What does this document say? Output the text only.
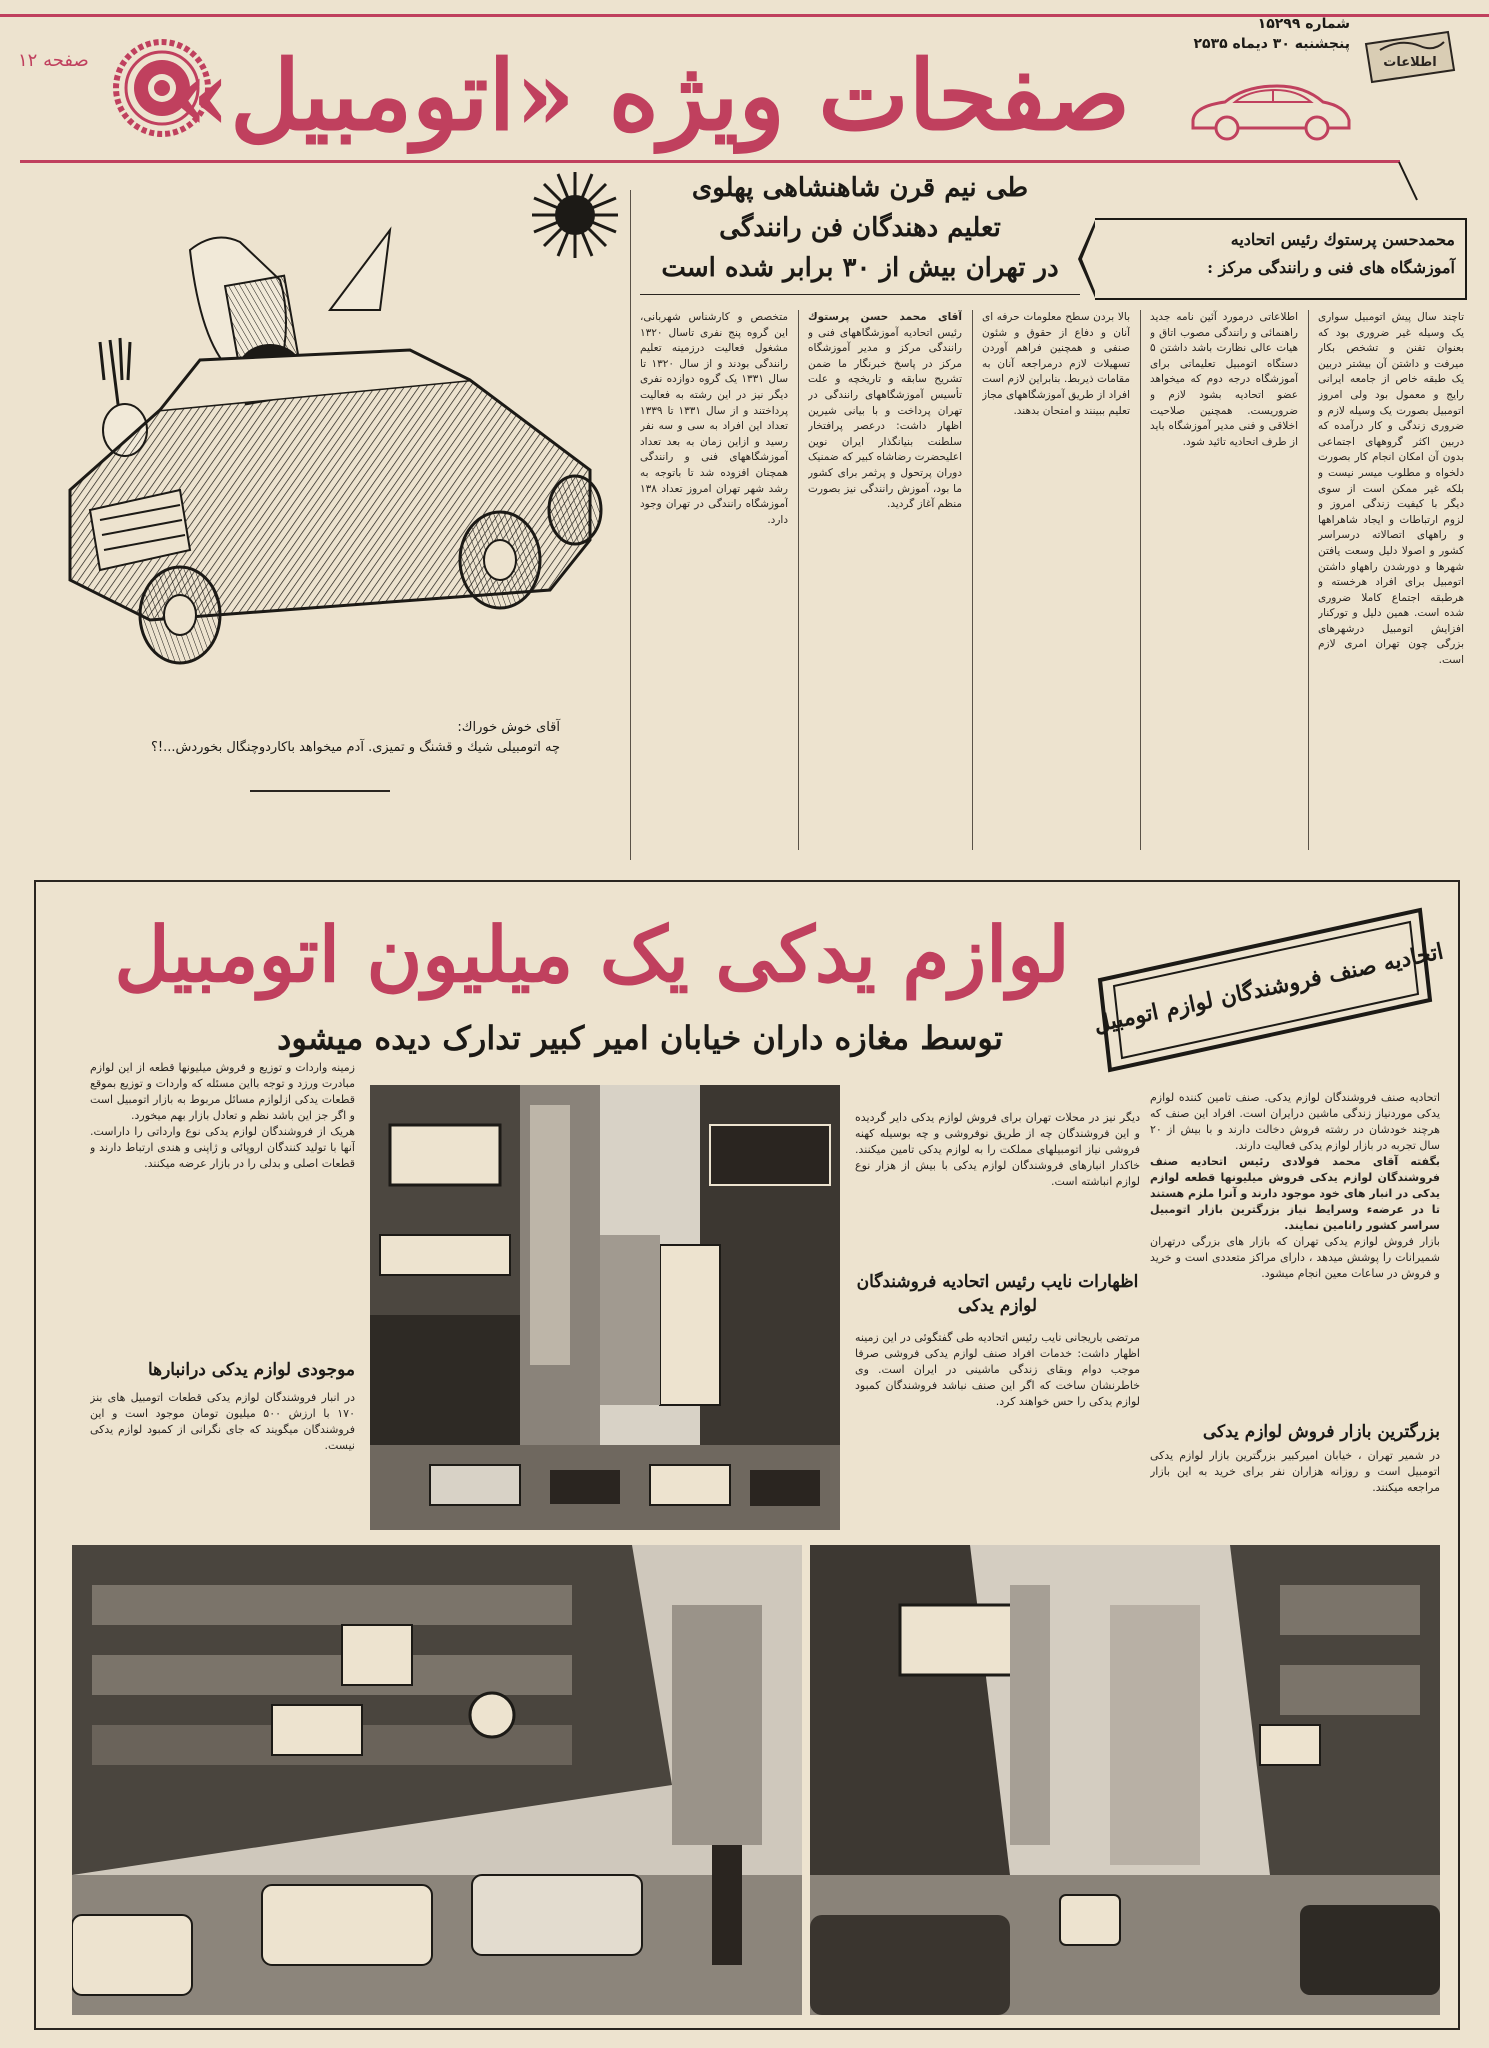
صفحه ۱۲ صفحات ویژه «اتومبیل»
شماره ۱۵۲۹۹
پنجشنبه ۳۰ دیماه ۲۵۳۵
اطلاعات
طی نیم قرن شاهنشاهی پهلوی
تعلیم دهندگان فن رانندگی
در تهران بیش از ۳۰ برابر شده است
آقای خوش خوراك:
چه اتومبیلی شیك و قشنگ و تمیزی. آدم میخواهد باکاردوچنگال بخوردش...!؟
محمدحسن پرستوك رئیس اتحادیه
آموزشگاه های فنی و رانندگی مرکز :
تاچند سال پیش اتومبیل سواری یک وسیله غیر ضروری بود که بعنوان تفنن و تشخص بکار میرفت و داشتن آن بیشتر دربین یک طبقه خاص از جامعه ایرانی رایج و معمول بود ولی امروز اتومبیل بصورت یک وسیله لازم و ضروری زندگی و کار درآمده که دربین اکثر گروههای اجتماعی بدون آن امکان انجام کار بصورت دلخواه و مطلوب میسر نیست و بلکه غیر ممکن است از سوی دیگر با کیفیت زندگی امروز و لزوم ارتباطات و ایجاد شاهراهها و راههای اتصالاته درسراسر کشور و اصولا دلیل وسعت یافتن شهرها و دورشدن راههاو داشتن اتومبیل برای افراد هرخسته و هرطبقه اجتماع کاملا ضروری شده است. همین دلیل و تورکنار افزایش اتومبیل درشهرهای بزرگی چون تهران امری لازم است.
اطلاعاتی درمورد آئین نامه جدید راهنمائی و رانندگی مصوب اتاق و هیات عالی نظارت باشد داشتن ۵ دستگاه اتومبیل تعلیماتی برای آموزشگاه درجه دوم که میخواهد عضو اتحادیه بشود لازم و ضروریست. همچنین صلاحیت اخلاقی و فنی مدیر آموزشگاه باید از طرف اتحادیه تائید شود.
بالا بردن سطح معلومات حرفه ای آنان و دفاع از حقوق و شئون صنفی و همچنین فراهم آوردن تسهیلات لازم درمراجعه آنان به مقامات ذیربط. بنابراین لازم است افراد از طریق آموزشگاههای مجاز تعلیم ببینند و امتحان بدهند.
آقای محمد حسن پرستوك رئیس اتحادیه آموزشگاههای فنی و رانندگی مرکز و مدیر آموزشگاه مرکز در پاسخ خبرنگار ما ضمن تشریح سابقه و تاریخچه و علت تأسیس آموزشگاههای رانندگی در تهران پرداخت و با بیانی شیرین اظهار داشت: درعصر پرافتخار سلطنت بنیانگذار ایران نوین اعلیحضرت رضاشاه کبیر که ضمنیک دوران پرتحول و پرثمر برای کشور ما بود، آموزش رانندگی نیز بصورت منظم آغاز گردید.
متخصص و کارشناس شهربانی، این گروه پنج نفری تاسال ۱۳۲۰ مشغول فعالیت درزمینه تعلیم رانندگی بودند و از سال ۱۳۲۰ تا سال ۱۳۳۱ یک گروه دوازده نفری دیگر نیز در این رشته به فعالیت پرداختند و از سال ۱۳۳۱ تا ۱۳۳۹ تعداد این افراد به سی و سه نفر رسید و ازاین زمان به بعد تعداد آموزشگاههای فنی و رانندگی همچنان افزوده شد تا باتوجه به رشد شهر تهران امروز تعداد ۱۳۸ آموزشگاه رانندگی در تهران وجود دارد.
لوازم یدکی یک میلیون اتومبیل
توسط مغازه داران خیابان امیر کبیر تدارک دیده میشود
اتحادیه صنف فروشندگان لوازم اتومبیل
اتحادیه صنف فروشندگان لوازم یدکی. صنف تامین کننده لوازم یدکی موردنیاز زندگی ماشین درایران است. افراد این صنف که هرچند خودشان در رشته فروش دخالت دارند و با بیش از ۲۰ سال تجربه در بازار لوازم یدکی فعالیت دارند.
بگفته آقای محمد فولادی رئیس اتحادیه صنف فروشندگان لوازم یدکی فروش میلیونها قطعه لوازم یدکی در انبار های خود موجود دارند و آنرا ملزم هستند تا در عرضهء وسرایط نیاز بزرگترین بازار اتومبیل سراسر کشور رانامین نمایند.
بازار فروش لوازم یدکی تهران که بازار های بزرگی درتهران شمیرانات را پوشش میدهد ، دارای مراکز متعددی است و خرید و فروش در ساعات معین انجام میشود.
بزرگترین بازار فروش لوازم یدکی
در شمیر تهران ، خیابان امیرکبیر بزرگترین بازار لوازم یدکی اتومبیل است و روزانه هزاران نفر برای خرید به این بازار مراجعه میکنند.
دیگر نیز در محلات تهران برای فروش لوازم یدکی دایر گردیده و این فروشندگان چه از طریق نوفروشی و چه بوسیله کهنه فروشی نیاز اتومبیلهای مملکت را به لوازم یدکی تامین میکنند. خاکدار انبارهای فروشندگان لوازم یدکی با بیش از هزار نوع لوازم انباشته است.
اظهارات نایب رئیس اتحادیه فروشندگان لوازم یدکی
مرتضی باریجانی نایب رئیس اتحادیه طی گفتگوئی در این زمینه اظهار داشت: خدمات افراد صنف لوازم یدکی فروشی صرفا موجب دوام وبقای زندگی ماشینی در ایران است. وی خاطرنشان ساخت که اگر این صنف نباشد فروشندگان کمبود لوازم یدکی را حس خواهند کرد.
زمینه واردات و توزیع و فروش میلیونها قطعه از این لوازم مبادرت ورزد و توجه بااین مسئله که واردات و توزیع بموقع قطعات یدکی ازلوازم مسائل مربوط به بازار اتومبیل است و اگر جز این باشد نظم و تعادل بازار بهم میخورد.
هریک از فروشندگان لوازم یدکی نوع وارداتی را داراست. آنها با تولید کنندگان اروپائی و ژاپنی و هندی ارتباط دارند و قطعات اصلی و بدلی را در بازار عرضه میکنند.
موجودی لوازم یدکی درانبارها
در انبار فروشندگان لوازم یدکی قطعات اتومبیل های بنز ۱۷۰ با ارزش ۵۰۰ میلیون تومان موجود است و این فروشندگان میگویند که جای نگرانی از کمبود لوازم یدکی نیست.
